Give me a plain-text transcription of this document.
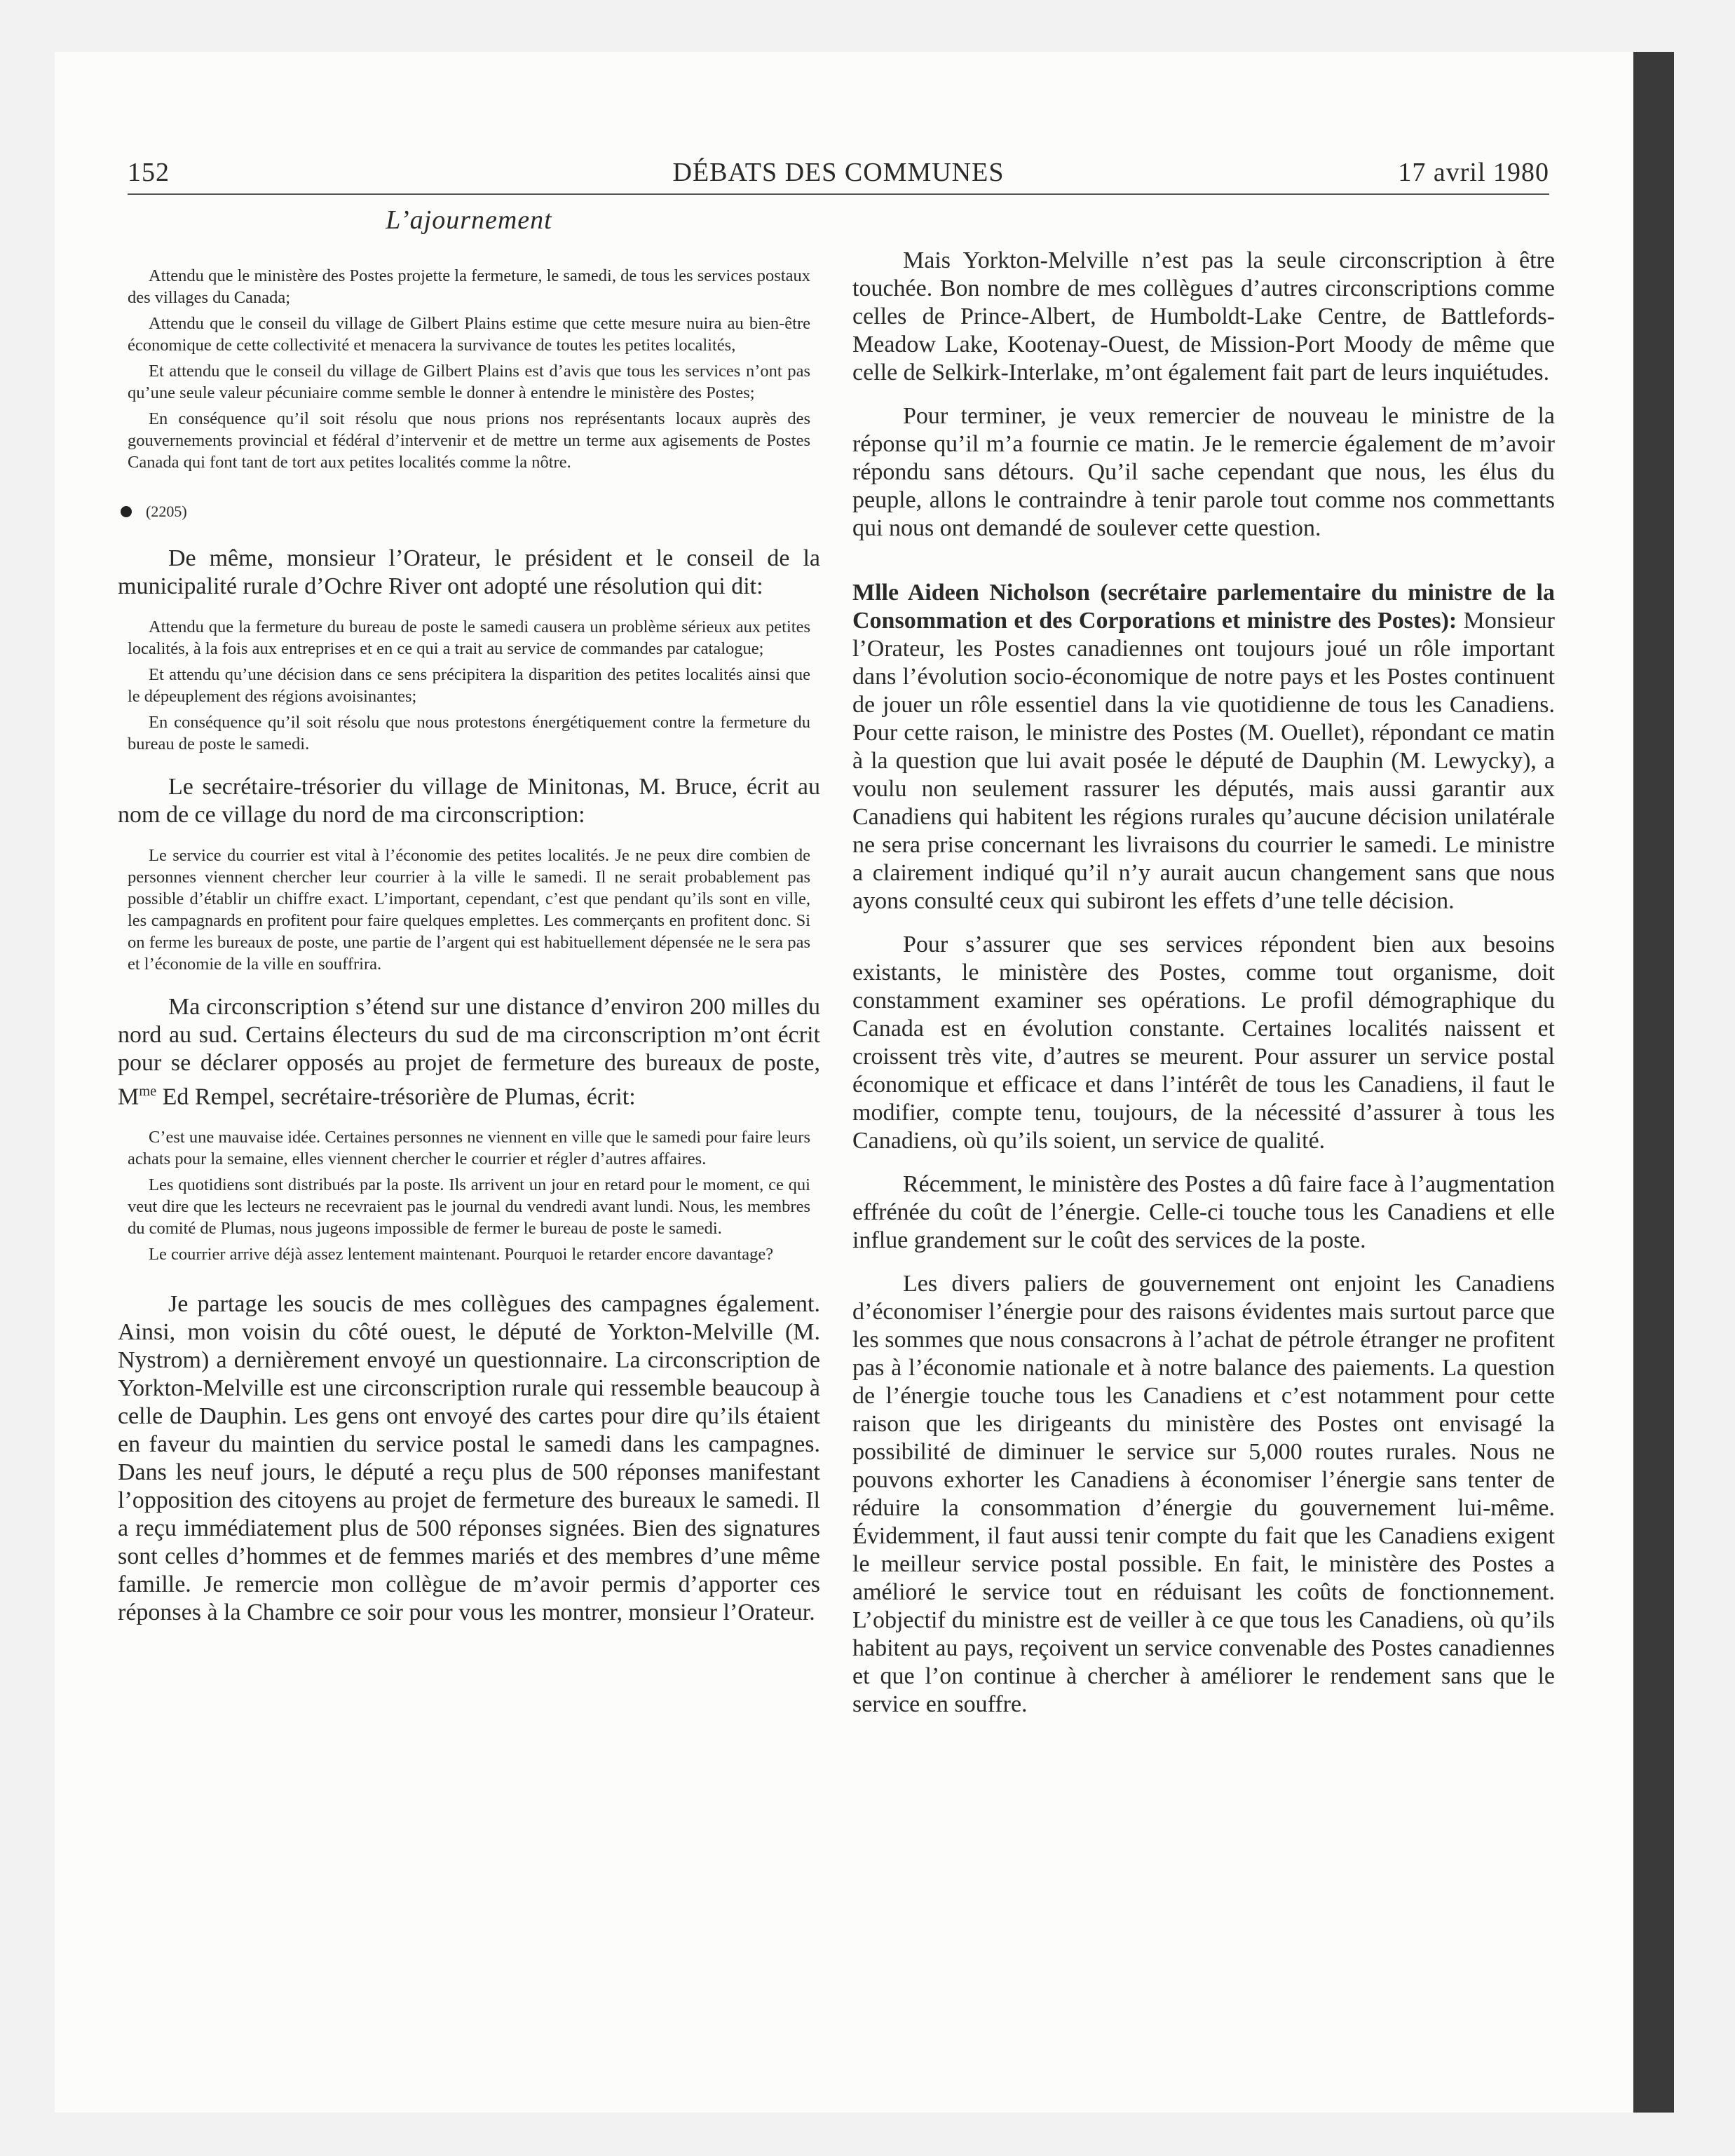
152	DÉBATS DES COMMUNES	17 avril 1980
L’ajournement

Attendu que le ministère des Postes projette la fermeture, le samedi, de tous les services postaux des villages du Canada;

Attendu que le conseil du village de Gilbert Plains estime que cette mesure nuira au bien-être économique de cette collectivité et menacera la survivance de toutes les petites localités,

Et attendu que le conseil du village de Gilbert Plains est d’avis que tous les services n’ont pas qu’une seule valeur pécuniaire comme semble le donner à entendre le ministère des Postes;

En conséquence qu’il soit résolu que nous prions nos représentants locaux auprès des gouvernements provincial et fédéral d’intervenir et de mettre un terme aux agisements de Postes Canada qui font tant de tort aux petites localités comme la nôtre.

(2205)
De même, monsieur l’Orateur, le président et le conseil de la municipalité rurale d’Ochre River ont adopté une résolution qui dit:

Attendu que la fermeture du bureau de poste le samedi causera un problème sérieux aux petites localités, à la fois aux entreprises et en ce qui a trait au service de commandes par catalogue;

Et attendu qu’une décision dans ce sens précipitera la disparition des petites localités ainsi que le dépeuplement des régions avoisinantes;

En conséquence qu’il soit résolu que nous protestons énergétiquement contre la fermeture du bureau de poste le samedi.

Le secrétaire-trésorier du village de Minitonas, M. Bruce, écrit au nom de ce village du nord de ma circonscription:

Le service du courrier est vital à l’économie des petites localités. Je ne peux dire combien de personnes viennent chercher leur courrier à la ville le samedi. Il ne serait probablement pas possible d’établir un chiffre exact. L’important, cependant, c’est que pendant qu’ils sont en ville, les campagnards en profitent pour faire quelques emplettes. Les commerçants en profitent donc. Si on ferme les bureaux de poste, une partie de l’argent qui est habituellement dépensée ne le sera pas et l’économie de la ville en souffrira.

Ma circonscription s’étend sur une distance d’environ 200 milles du nord au sud. Certains électeurs du sud de ma circonscription m’ont écrit pour se déclarer opposés au projet de fermeture des bureaux de poste, $M^{me}$ Ed Rempel, secrétaire-trésorière de Plumas, écrit:

C’est une mauvaise idée. Certaines personnes ne viennent en ville que le samedi pour faire leurs achats pour la semaine, elles viennent chercher le courrier et régler d’autres affaires.

Les quotidiens sont distribués par la poste. Ils arrivent un jour en retard pour le moment, ce qui veut dire que les lecteurs ne recevraient pas le journal du vendredi avant lundi. Nous, les membres du comité de Plumas, nous jugeons impossible de fermer le bureau de poste le samedi.

Le courrier arrive déjà assez lentement maintenant. Pourquoi le retarder encore davantage?

Je partage les soucis de mes collègues des campagnes également. Ainsi, mon voisin du côté ouest, le député de Yorkton-Melville (M. Nystrom) a dernièrement envoyé un questionnaire. La circonscription de Yorkton-Melville est une circonscription rurale qui ressemble beaucoup à celle de Dauphin. Les gens ont envoyé des cartes pour dire qu’ils étaient en faveur du maintien du service postal le samedi dans les campagnes. Dans les neuf jours, le député a reçu plus de 500 réponses manifestant l’opposition des citoyens au projet de fermeture des bureaux le samedi. Il a reçu immédiatement plus de 500 réponses signées. Bien des signatures sont celles d’hommes et de femmes mariés et des membres d’une même famille. Je remercie mon collègue de m’avoir permis d’apporter ces réponses à la Chambre ce soir pour vous les montrer, monsieur l’Orateur.
Mais Yorkton-Melville n’est pas la seule circonscription à être touchée. Bon nombre de mes collègues d’autres circonscriptions comme celles de Prince-Albert, de Humboldt-Lake Centre, de Battlefords-Meadow Lake, Kootenay-Ouest, de Mission-Port Moody de même que celle de Selkirk-Interlake, m’ont également fait part de leurs inquiétudes.
Pour terminer, je veux remercier de nouveau le ministre de la réponse qu’il m’a fournie ce matin. Je le remercie également de m’avoir répondu sans détours. Qu’il sache cependant que nous, les élus du peuple, allons le contraindre à tenir parole tout comme nos commettants qui nous ont demandé de soulever cette question.
Mlle Aideen Nicholson (secrétaire parlementaire du ministre de la Consommation et des Corporations et ministre des Postes): Monsieur l’Orateur, les Postes canadiennes ont toujours joué un rôle important dans l’évolution socio-économique de notre pays et les Postes continuent de jouer un rôle essentiel dans la vie quotidienne de tous les Canadiens. Pour cette raison, le ministre des Postes (M. Ouellet), répondant ce matin à la question que lui avait posée le député de Dauphin (M. Lewycky), a voulu non seulement rassurer les députés, mais aussi garantir aux Canadiens qui habitent les régions rurales qu’aucune décision unilatérale ne sera prise concernant les livraisons du courrier le samedi. Le ministre a clairement indiqué qu’il n’y aurait aucun changement sans que nous ayons consulté ceux qui subiront les effets d’une telle décision.
Pour s’assurer que ses services répondent bien aux besoins existants, le ministère des Postes, comme tout organisme, doit constamment examiner ses opérations. Le profil démographique du Canada est en évolution constante. Certaines localités naissent et croissent très vite, d’autres se meurent. Pour assurer un service postal économique et efficace et dans l’intérêt de tous les Canadiens, il faut le modifier, compte tenu, toujours, de la nécessité d’assurer à tous les Canadiens, où qu’ils soient, un service de qualité.
Récemment, le ministère des Postes a dû faire face à l’augmentation effrénée du coût de l’énergie. Celle-ci touche tous les Canadiens et elle influe grandement sur le coût des services de la poste.
Les divers paliers de gouvernement ont enjoint les Canadiens d’économiser l’énergie pour des raisons évidentes mais surtout parce que les sommes que nous consacrons à l’achat de pétrole étranger ne profitent pas à l’économie nationale et à notre balance des paiements. La question de l’énergie touche tous les Canadiens et c’est notamment pour cette raison que les dirigeants du ministère des Postes ont envisagé la possibilité de diminuer le service sur 5,000 routes rurales. Nous ne pouvons exhorter les Canadiens à économiser l’énergie sans tenter de réduire la consommation d’énergie du gouvernement lui-même. Évidemment, il faut aussi tenir compte du fait que les Canadiens exigent le meilleur service postal possible. En fait, le ministère des Postes a amélioré le service tout en réduisant les coûts de fonctionnement. L’objectif du ministre est de veiller à ce que tous les Canadiens, où qu’ils habitent au pays, reçoivent un service convenable des Postes canadiennes et que l’on continue à chercher à améliorer le rendement sans que le service en souffre.
